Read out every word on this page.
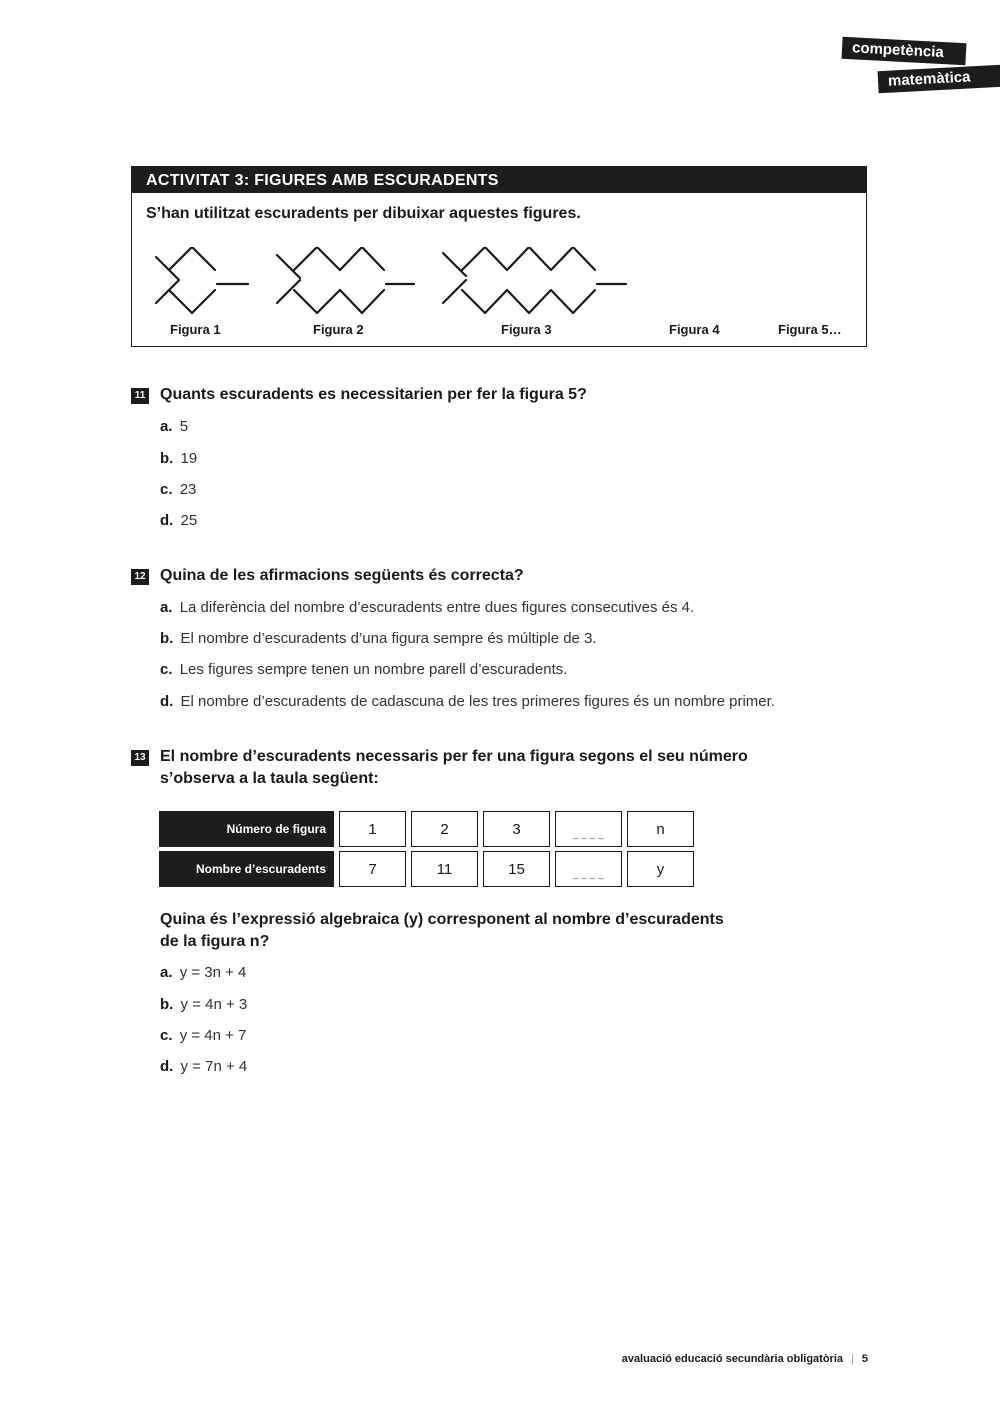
competència
matemàtica
ACTIVITAT 3: FIGURES AMB ESCURADENTS
S’han utilitzat escuradents per dibuixar aquestes figures.
Figura 1	Figura 2	Figura 3	Figura 4	Figura 5…
11 Quants escuradents es necessitarien per fer la figura 5?
a. 5
b. 19
c. 23
d. 25
12 Quina de les afirmacions següents és correcta?
a. La diferència del nombre d’escuradents entre dues figures consecutives és 4.
b. El nombre d’escuradents d’una figura sempre és múltiple de 3.
c. Les figures sempre tenen un nombre parell d’escuradents.
d. El nombre d’escuradents de cadascuna de les tres primeres figures és un nombre primer.
13 El nombre d’escuradents necessaris per fer una figura segons el seu número
s’observa a la taula següent:
Número de figura	1	2	3	_ _ _ _	n
Nombre d’escuradents	7	11	15	_ _ _ _	y
Quina és l’expressió algebraica (y) corresponent al nombre d’escuradents
de la figura n?
a. y = 3n + 4
b. y = 4n + 3
c. y = 4n + 7
d. y = 7n + 4
avaluació educació secundària obligatòria | 5
